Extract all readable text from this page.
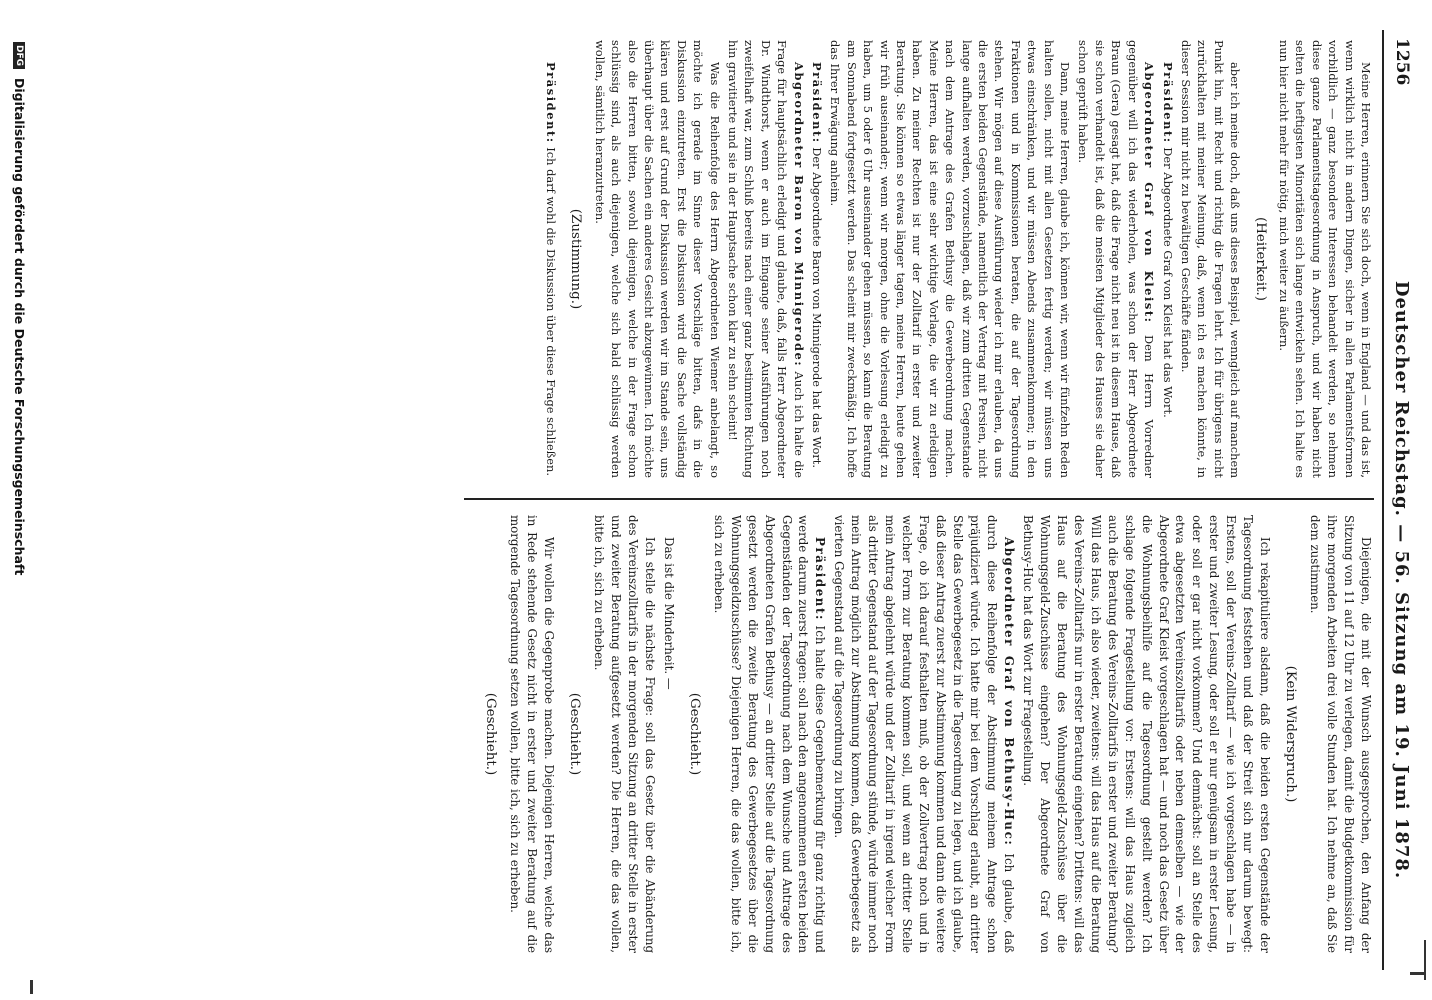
1256
Deutscher Reichstag. — 56. Sitzung am 19. Juni 1878.

Meine Herren, erinnern Sie sich doch, wenn in England — und das ist, wenn wirklich nicht in andern Dingen, sicher in allen Parlamentsformen vorbildlich — ganz besondere Interessen behandelt werden, so nehmen diese ganze Parlamentstagesordnung in Anspruch, und wir haben nicht selten die heftigsten Minoritäten sich lange entwickeln sehen. Ich halte es nun hier nicht mehr für nötig, mich weiter zu äußern.

(Heiterkeit.)

aber ich meine doch, daß uns dieses Beispiel, wenngleich auf manchem Punkt hin, mit Recht und richtig die Fragen lehrt. Ich für übrigens nicht zurückhalten mit meiner Meinung, daß, wenn ich es machen könnte, in dieser Session mir nicht zu bewältigen Geschäfte fänden.

Präsident: Der Abgeordnete Graf von Kleist hat das Wort.

Abgeordneter Graf von Kleist: Dem Herrn Vorredner gegenüber will ich das wiederholen, was schon der Herr Abgeordnete Braun (Gera) gesagt hat, daß die Frage nicht neu ist in diesem Hause, daß sie schon verhandelt ist, daß die meisten Mitglieder des Hauses sie daher schon geprüft haben.

Dann, meine Herren, glaube ich, können wir, wenn wir fünfzehn Reden halten sollen, nicht mit allen Gesetzen fertig werden; wir müssen uns etwas einschränken, und wir müssen Abends zusammenkommen; in den Fraktionen und in Kommissionen beraten, die auf der Tagesordnung stehen. Wir mögen auf diese Ausführung wieder ich mir erlauben, da uns die ersten beiden Gegenstände, namentlich der Vertrag mit Persien, nicht lange aufhalten werden, vorzuschlagen, daß wir zum dritten Gegenstande nach dem Antrage des Grafen Bethusy die Gewerbeordnung machen. Meine Herren, das ist eine sehr wichtige Vorlage, die wir zu erledigen haben. Zu meiner Rechten ist nur der Zolltarif in erster und zweiter Beratung. Sie können so etwas länger tagen, meine Herren, heute gehen wir früh auseinander; wenn wir morgen, ohne die Vorlesung erledigt zu haben, um 5 oder 6 Uhr auseinander gehen müssen, so kann die Beratung am Sonnabend fortgesetzt werden. Das scheint mir zweckmäßig. Ich hoffe das Ihrer Erwägung anheim.

Präsident: Der Abgeordnete Baron von Minnigerode hat das Wort.

Abgeordneter Baron von Minnigerode: Auch ich halte die Frage für hauptsächlich erledigt und glaube, daß, falls Herr Abgeordneter Dr. Windthorst, wenn er auch im Eingange seiner Ausführungen noch zweifelhaft war, zum Schluß bereits nach einer ganz bestimmten Richtung hin gravitierte und sie in der Hauptsache schon klar zu sehn scheint!

Was die Reihenfolge des Herrn Abgeordneten Wiemer anbelangt, so möchte ich gerade im Sinne dieser Vorschläge bitten, dafs in die Diskussion einzutreten. Erst die Diskussion wird die Sache vollständig klären und erst auf Grund der Diskussion werden wir im Stande sein, uns überhaupt über die Sachen ein anderes Gesicht abzugewinnen. Ich möchte also die Herren bitten, sowohl diejenigen, welche in der Frage schon schlüssig sind, als auch diejenigen, welche sich bald schlüssig werden wollen, sämtlich heranzutreten.

(Zustimmung.)

Präsident: Ich darf wohl die Diskussion über diese Frage schließen.

Diejenigen, die mit der Wunsch ausgesprochen, den Anfang der Sitzung von 11 auf 12 Uhr zu verlegen, damit die Budgetkommission für ihre morgenden Arbeiten drei volle Stunden hat. Ich nehme an, daß Sie dem zustimmen.

(Kein Widerspruch.)

Ich rekapituliere alsdann, daß die beiden ersten Gegenstände der Tagesordnung feststehen und daß der Streit sich nur darum bewegt: Erstens, soll der Vereins-Zolltarif — wie ich vorgeschlagen habe — in erster und zweiter Lesung, oder soll er nur genügsam in erster Lesung, oder soll er gar nicht vorkommen? Und demnächst: soll an Stelle des etwa abgesetzten Vereinszolltarifs oder neben demselben — wie der Abgeordnete Graf Kleist vorgeschlagen hat — und noch das Gesetz über die Wohnungsbeihilfe auf die Tagesordnung gestellt werden? Ich schlage folgende Fragestellung vor: Erstens: will das Haus zugleich auch die Beratung des Vereins-Zolltarifs in erster und zweiter Beratung? Will das Haus, ich also wieder, zweitens: will das Haus auf die Beratung des Vereins-Zolltarifs nur in erster Beratung eingehen? Drittens: will das Haus auf die Beratung des Wohnungsgeld-Zuschüsse über die Wohnungsgeld-Zuschüsse eingehen? Der Abgeordnete Graf von Bethusy-Huc hat das Wort zur Fragestellung.

Abgeordneter Graf von Bethusy-Huc: Ich glaube, daß durch diese Reihenfolge der Abstimmung meinem Antrage schon präjudiziert würde. Ich hatte mir bei dem Vorschlag erlaubt, an dritter Stelle das Gewerbegesetz in die Tagesordnung zu legen, und ich glaube, daß dieser Antrag zuerst zur Abstimmung kommen und dann die weitere Frage, ob ich darauf festhalten muß, ob der Zollvertrag noch und in welcher Form zur Beratung kommen soll, und wenn an dritter Stelle mein Antrag abgelehnt würde und der Zolltarif in irgend welcher Form als dritter Gegenstand auf der Tagesordnung stünde, würde immer noch mein Antrag möglich zur Abstimmung kommen, daß Gewerbegesetz als vierten Gegenstand auf die Tagesordnung zu bringen.

Präsident: Ich halte diese Gegenbemerkung für ganz richtig und werde darum zuerst fragen: soll nach den angenommenen ersten beiden Gegenständen der Tagesordnung nach dem Wunsche und Antrage des Abgeordneten Grafen Bethusy — an dritter Stelle auf die Tagesordnung gesetzt werden die zweite Beratung des Gewerbegesetzes über die Wohnungsgeldzuschüsse? Diejenigen Herren, die das wollen, bitte ich, sich zu erheben.

(Geschieht.)

Das ist die Minderheit. —

Ich stelle die nächste Frage: soll das Gesetz über die Abänderung des Vereinszolltarifs in der morgenden Sitzung an dritter Stelle in erster und zweiter Beratung aufgesetzt werden? Die Herren, die das wollen, bitte ich, sich zu erheben.

(Geschieht.)

Wir wollen die Gegenprobe machen. Diejenigen Herren, welche das in Rede stehende Gesetz nicht in erster und zweiter Beratung auf die morgende Tagesordnung setzen wollen, bitte ich, sich zu erheben.

(Geschieht.)

DFG
Digitalisierung gefördert durch die Deutsche Forschungsgemeinschaft
